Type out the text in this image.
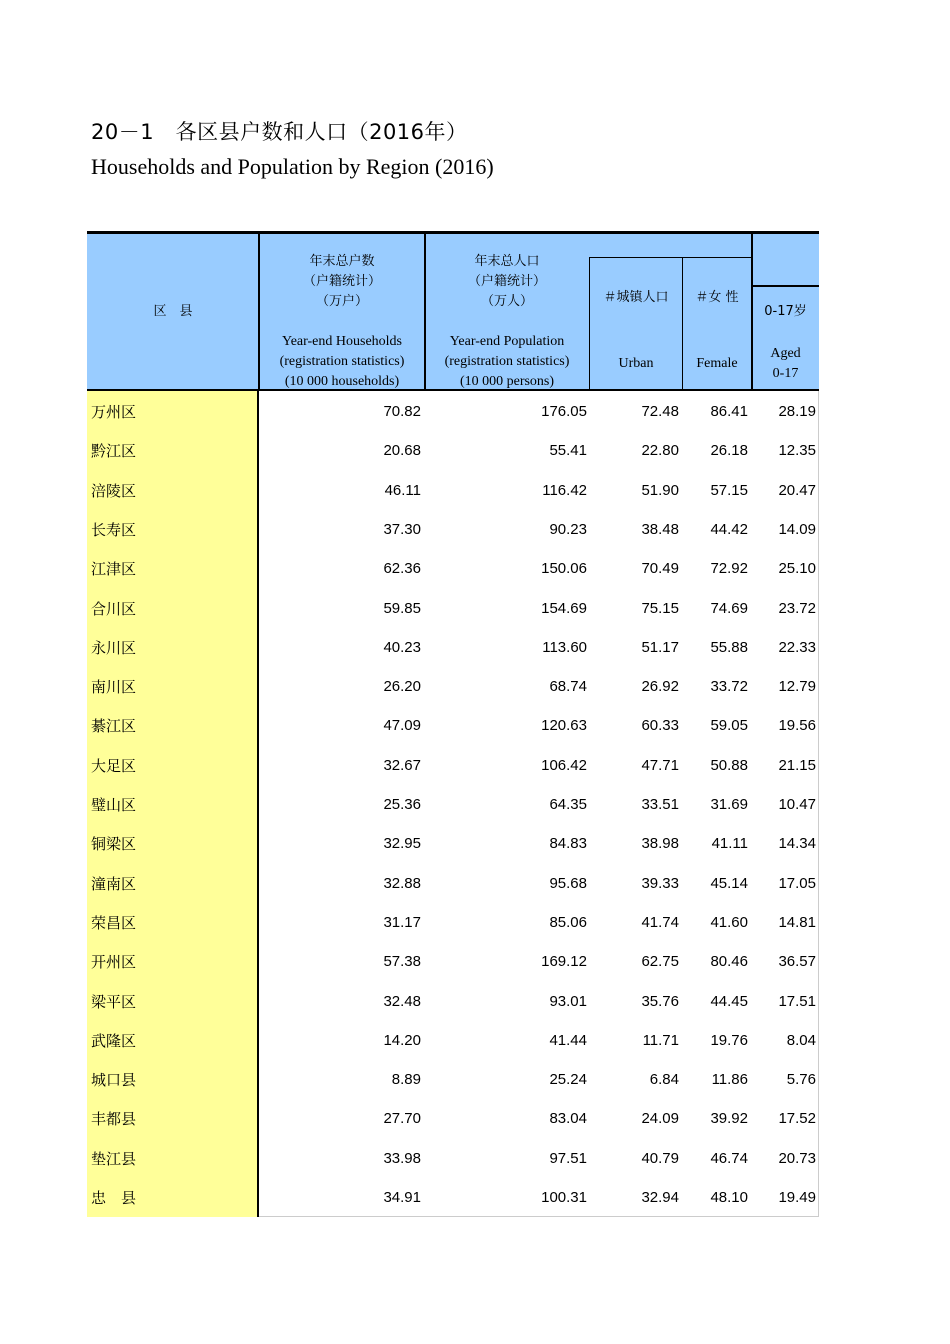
20－1　各区县户数和人口（2016年）
Households and Population by Region (2016)
区　县
年末总户数
（户籍统计）
（万户）
Year-end Households
(registration statistics)
(10 000 households)
年末总人口
（户籍统计）
（万人）
Year-end Population
(registration statistics)
(10 000 persons)
＃城镇人口
Urban
＃女 性
Female
0-17岁
Aged
0-17
万州区	70.82	176.05	72.48 86.41 28.19
黔江区	20.68	55.41	22.80 26.18 12.35
涪陵区	46.11	116.42	51.90 57.15 20.47
长寿区	37.30	90.23	38.48 44.42 14.09
江津区	62.36	150.06	70.49 72.92 25.10
合川区	59.85	154.69	75.15 74.69 23.72
永川区	40.23	113.60	51.17 55.88 22.33
南川区	26.20	68.74	26.92 33.72 12.79
綦江区	47.09	120.63	60.33 59.05 19.56
大足区	32.67	106.42	47.71 50.88 21.15
璧山区	25.36	64.35	33.51 31.69 10.47
铜梁区	32.95	84.83	38.98 41.11 14.34
潼南区	32.88	95.68	39.33 45.14 17.05
荣昌区	31.17	85.06	41.74 41.60 14.81
开州区	57.38	169.12	62.75 80.46 36.57
梁平区	32.48	93.01	35.76 44.45 17.51
武隆区	14.20	41.44	11.71 19.76	8.04
城口县	8.89	25.24	6.84 11.86	5.76
丰都县	27.70	83.04	24.09 39.92 17.52
垫江县	33.98	97.51	40.79 46.74 20.73
忠　县	34.91	100.31	32.94 48.10 19.49
